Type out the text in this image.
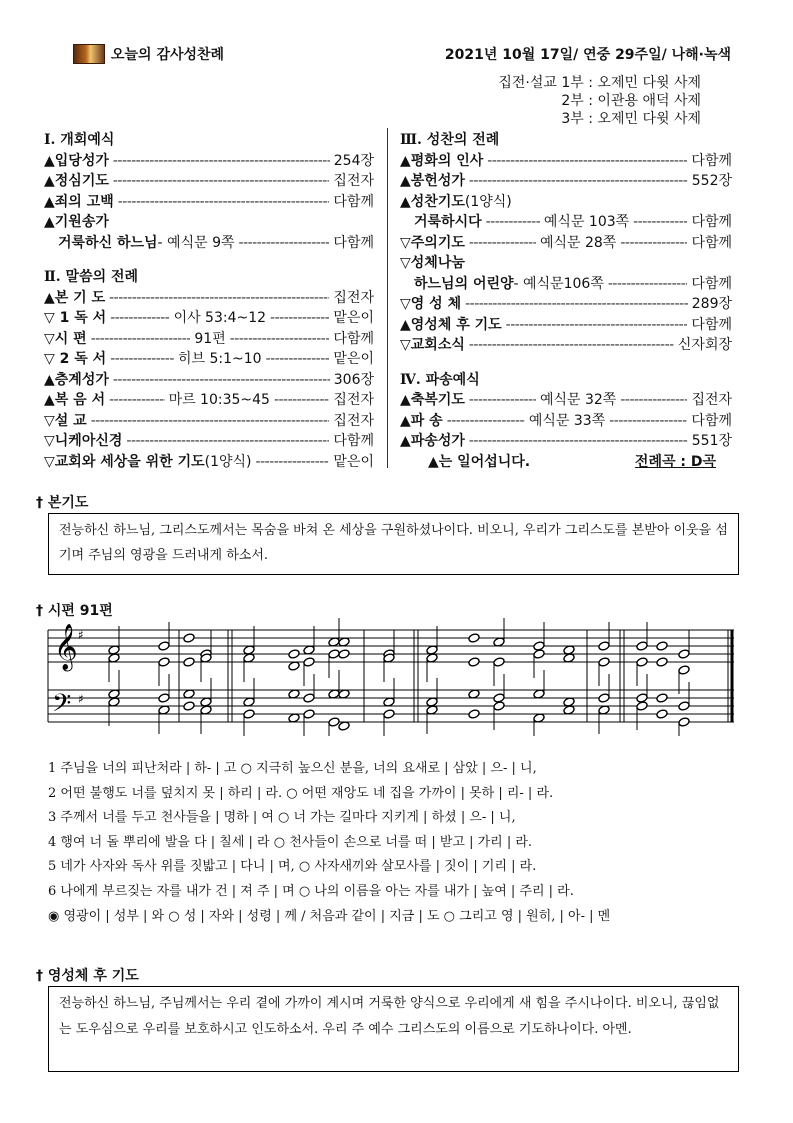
오늘의 감사성찬례	2021년 10월 17일/ 연중 29주일/ 나해·녹색
집전·설교 1부 : 오제민 다윗 사제
2부 : 이관용 애덕 사제
3부 : 오제민 다윗 사제
Ⅰ. 개회예식
▲입당성가 -----	254장
▲정심기도 -----	집전자
▲죄의 고백 -----	다함께
▲기원송가
거룩하신 하느님 - 예식문 9쪽 -----	다함께
Ⅱ. 말씀의 전례
▲본 기 도 -----	집전자
▽ 1 독 서 -----	이사 53:4~12 -----	맡은이
▽시 편 -----	91편 -----	다함께
▽ 2 독 서 -----	히브 5:1~10 -----	맡은이
▲층계성가 -----	306장
▲복 음 서 -----	마르 10:35~45 -----	집전자
▽설 교 -----	집전자
▽니케아신경 -----	다함께
▽교회와 세상을 위한 기도 (1양식) -----	맡은이
Ⅲ. 성찬의 전례
▲평화의 인사 -----	다함께
▲봉헌성가 -----	552장
▲성찬기도 (1양식)
거룩하시다 -----	예식문 103쪽 -----	다함께
▽주의기도 -----	예식문 28쪽 -----	다함께
▽성체나눔
하느님의 어린양 - 예식문106쪽 -----	다함께
▽영 성 체 -----	289장
▲영성체 후 기도 -----	다함께
▽교회소식 -----	신자회장
Ⅳ. 파송예식
▲축복기도 -----	예식문 32쪽 -----	집전자
▲파 송 -----	예식문 33쪽 -----	다함께
▲파송성가 -----	551장
▲는 일어섭니다.	전례곡 : D곡
† 본기도
전능하신 하느님, 그리스도께서는 목숨을 바쳐 온 세상을 구원하셨나이다. 비오니, 우리가 그리스도를 본받아 이웃을 섬기며 주님의 영광을 드러내게 하소서.
† 시편 91편
𝄞 ♯
𝄢 ♯
1 주님을 너의 피난처라 | 하- | 고 ○ 지극히 높으신 분을, 너의 요새로 | 삼았 | 으- | 니,
2 어떤 불행도 너를 덮치지 못 | 하리 | 라. ○ 어떤 재앙도 네 집을 가까이 | 못하 | 리- | 라.
3 주께서 너를 두고 천사들을 | 명하 | 여 ○ 너 가는 길마다 지키게 | 하셨 | 으- | 니,
4 행여 너 돌 뿌리에 발을 다 | 칠세 | 라 ○ 천사들이 손으로 너를 떠 | 받고 | 가리 | 라.
5 네가 사자와 독사 위를 짓밟고 | 다니 | 며, ○ 사자새끼와 살모사를 | 짓이 | 기리 | 라.
6 나에게 부르짖는 자를 내가 건 | 져 주 | 며 ○ 나의 이름을 아는 자를 내가 | 높여 | 주리 | 라.
◉ 영광이 | 성부 | 와 ○ 성 | 자와 | 성령 | 께 / 처음과 같이 | 지금 | 도 ○ 그리고 영 | 원히, | 아- | 멘
† 영성체 후 기도
전능하신 하느님, 주님께서는 우리 곁에 가까이 계시며 거룩한 양식으로 우리에게 새 힘을 주시나이다. 비오니, 끊임없는 도우심으로 우리를 보호하시고 인도하소서. 우리 주 예수 그리스도의 이름으로 기도하나이다. 아멘.
